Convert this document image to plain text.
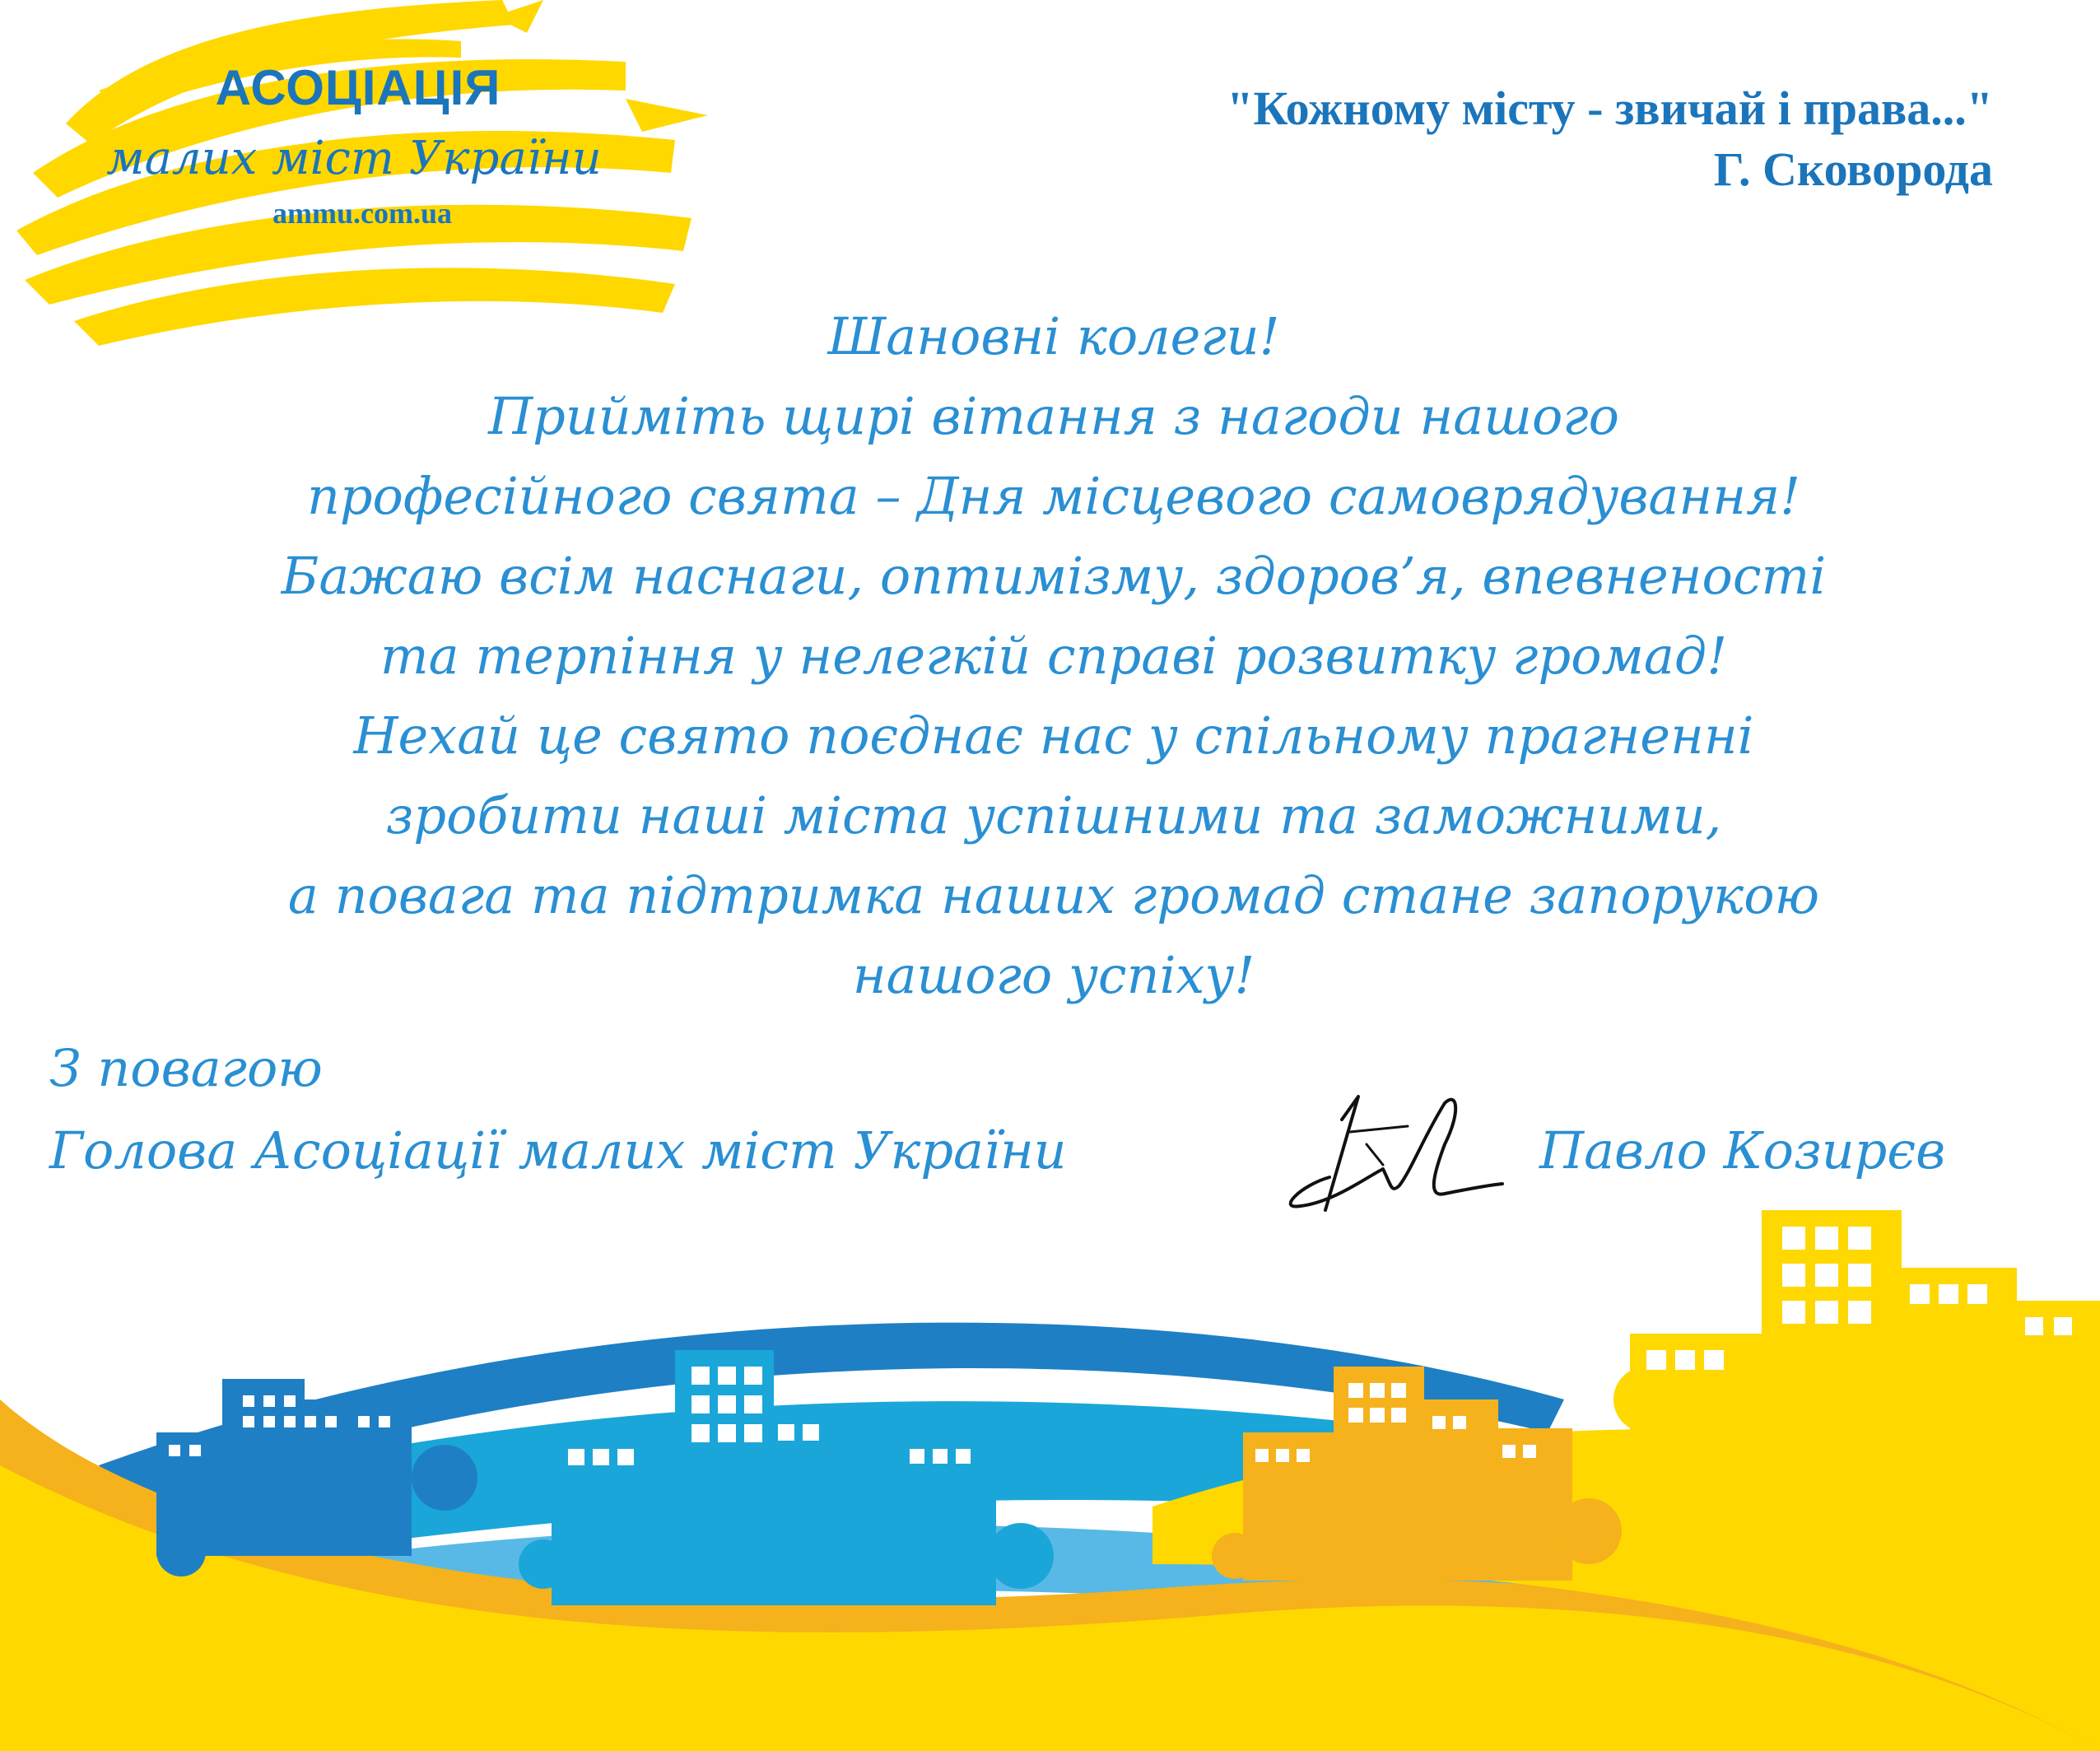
АСОЦІАЦІЯ
малих міст України
ammu.com.ua
"Кожному місту - звичай і права..."
Г. Сковорода
Шановні колеги!
Прийміть щирі вітання з нагоди нашого
професійного свята – Дня місцевого самоврядування!
Бажаю всім наснаги, оптимізму, здоров’я, впевненості
та терпіння у нелегкій справі розвитку громад!
Нехай це свято поєднає нас у спільному прагненні
зробити наші міста успішними та заможними,
а повага та підтримка наших громад стане запорукою
нашого успіху!
З повагою
Голова Асоціації малих міст України	Павло Козирєв
